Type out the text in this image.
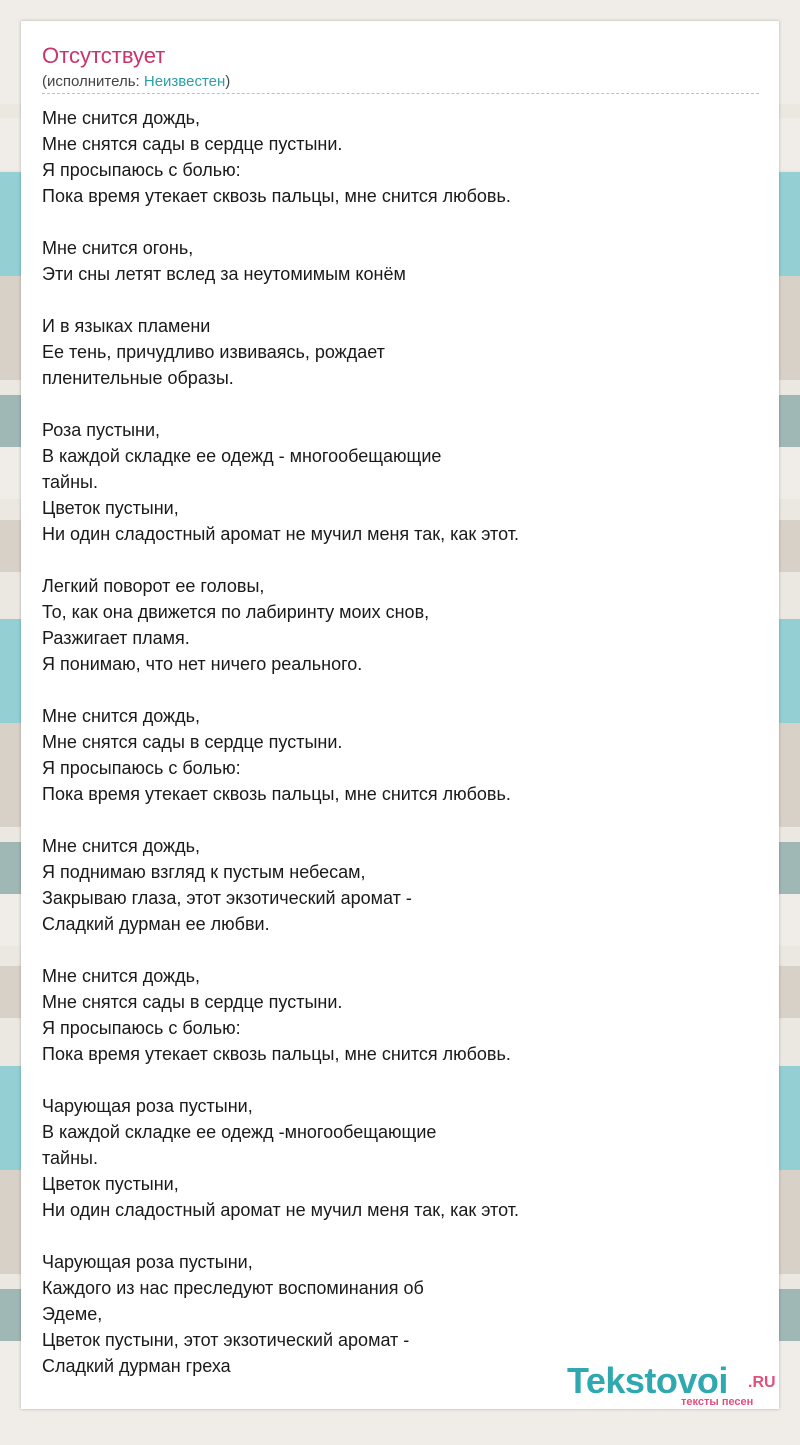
Отсутствует
(исполнитель: Неизвестен)
Мне снится дождь,
Мне снятся сады в сердце пустыни.
Я просыпаюсь с болью:
Пока время утекает сквозь пальцы, мне снится любовь.
Мне снится огонь,
Эти сны летят вслед за неутомимым конём
И в языках пламени
Ее тень, причудливо извиваясь, рождает
пленительные образы.
Роза пустыни,
В каждой складке ее одежд - многообещающие
тайны.
Цветок пустыни,
Ни один сладостный аромат не мучил меня так, как этот.
Легкий поворот ее головы,
То, как она движется по лабиринту моих снов,
Разжигает пламя.
Я понимаю, что нет ничего реального.
Мне снится дождь,
Мне снятся сады в сердце пустыни.
Я просыпаюсь с болью:
Пока время утекает сквозь пальцы, мне снится любовь.
Мне снится дождь,
Я поднимаю взгляд к пустым небесам,
Закрываю глаза, этот экзотический аромат -
Сладкий дурман ее любви.
Мне снится дождь,
Мне снятся сады в сердце пустыни.
Я просыпаюсь с болью:
Пока время утекает сквозь пальцы, мне снится любовь.
Чарующая роза пустыни,
В каждой складке ее одежд -многообещающие
тайны.
Цветок пустыни,
Ни один сладостный аромат не мучил меня так, как этот.
Чарующая роза пустыни,
Каждого из нас преследуют воспоминания об
Эдеме,
Цветок пустыни, этот экзотический аромат -
Сладкий дурман греха	Tekstovoi .RU
тексты песен
